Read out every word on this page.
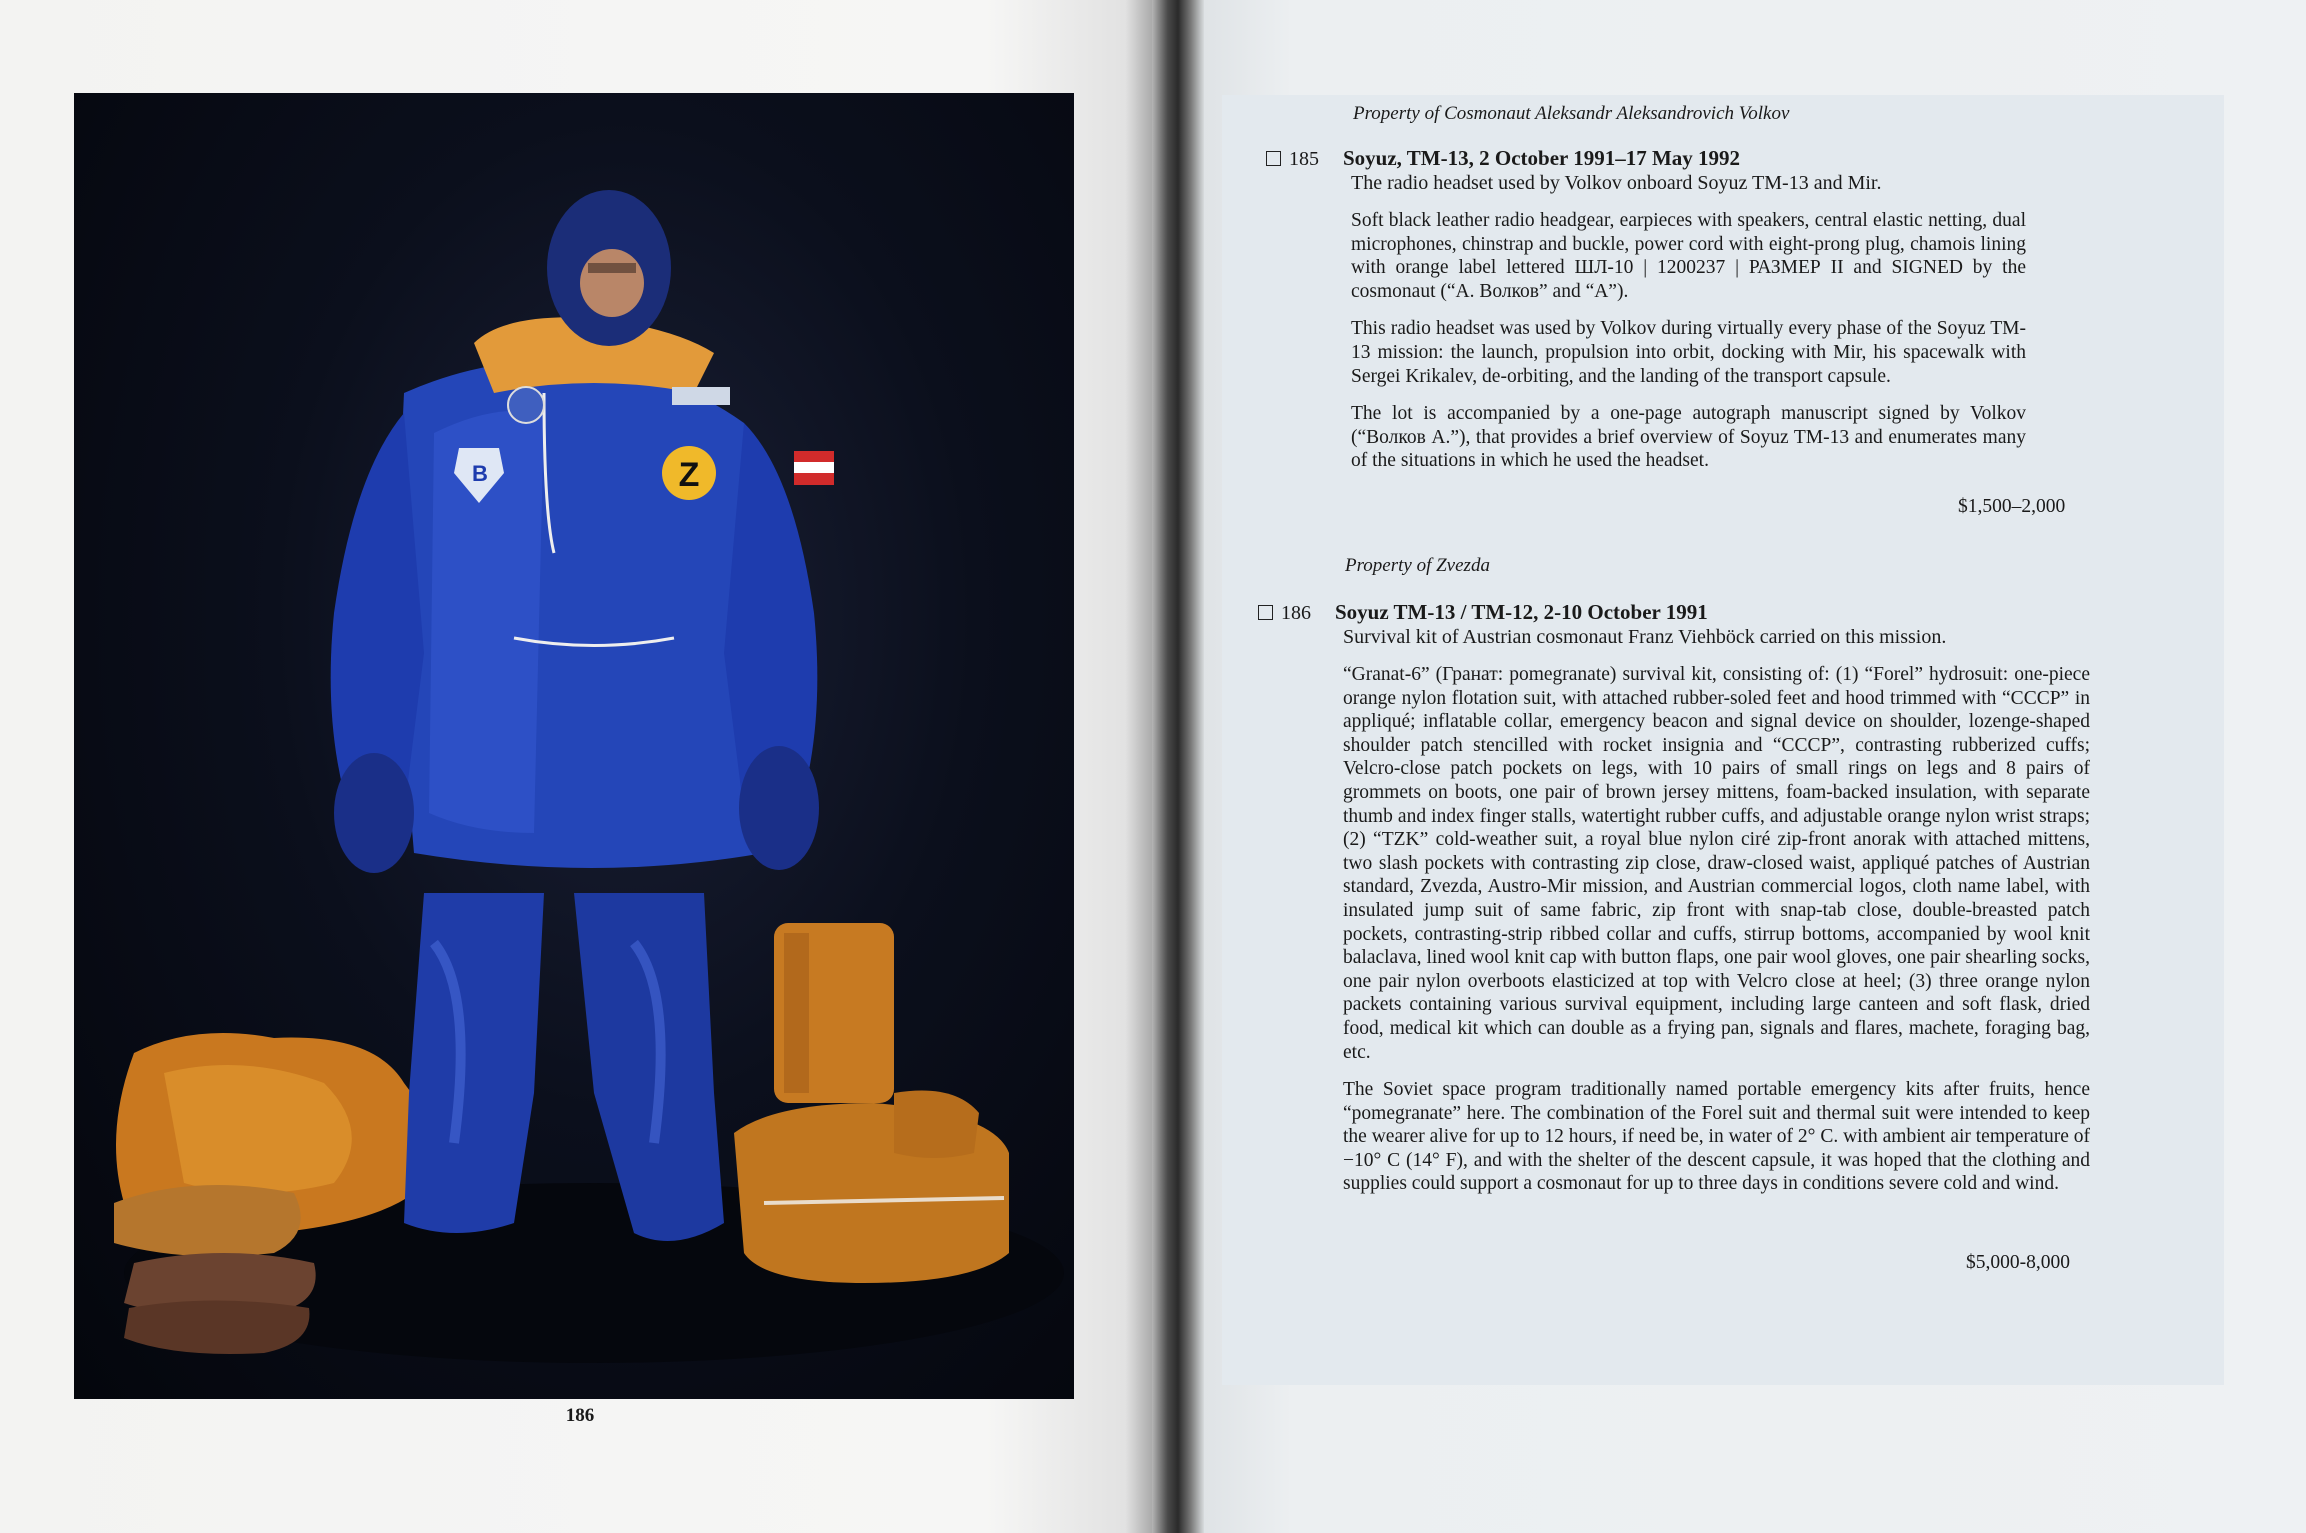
Z
B
186
Property of Cosmonaut Aleksandr Aleksandrovich Volkov
185	Soyuz, TM-13, 2 October 1991–17 May 1992
The radio headset used by Volkov onboard Soyuz TM-13 and Mir.
Soft black leather radio headgear, earpieces with speakers, central elastic netting, dual microphones, chinstrap and buckle, power cord with eight-prong plug, chamois lining with orange label lettered ШЛ-10 | 1200237 | РАЗМЕР II and SIGNED by the cosmonaut (“А. Волков” and “А”).
This radio headset was used by Volkov during virtually every phase of the Soyuz TM-13 mission: the launch, propulsion into orbit, docking with Mir, his spacewalk with Sergei Krikalev, de-orbiting, and the landing of the transport capsule.
The lot is accompanied by a one-page autograph manuscript signed by Volkov (“Волков А.”), that provides a brief overview of Soyuz TM-13 and enumerates many of the situations in which he used the headset.
$1,500–2,000
Property of Zvezda
186	Soyuz TM-13 / TM-12, 2-10 October 1991
Survival kit of Austrian cosmonaut Franz Viehböck carried on this mission.
“Granat-6” (Гранат: pomegranate) survival kit, consisting of: (1) “Forel” hydrosuit: one-piece orange nylon flotation suit, with attached rubber-soled feet and hood trimmed with “CCCP” in appliqué; inflatable collar, emergency beacon and signal device on shoulder, lozenge-shaped shoulder patch stencilled with rocket insignia and “CCCP”, contrasting rubberized cuffs; Velcro-close patch pockets on legs, with 10 pairs of small rings on legs and 8 pairs of grommets on boots, one pair of brown jersey mittens, foam-backed insulation, with separate thumb and index finger stalls, watertight rubber cuffs, and adjustable orange nylon wrist straps; (2) “TZK” cold-weather suit, a royal blue nylon ciré zip-front anorak with attached mittens, two slash pockets with contrasting zip close, draw-closed waist, appliqué patches of Austrian standard, Zvezda, Austro-Mir mission, and Austrian commercial logos, cloth name label, with insulated jump suit of same fabric, zip front with snap-tab close, double-breasted patch pockets, contrasting-strip ribbed collar and cuffs, stirrup bottoms, accompanied by wool knit balaclava, lined wool knit cap with button flaps, one pair wool gloves, one pair shearling socks, one pair nylon overboots elasticized at top with Velcro close at heel; (3) three orange nylon packets containing various survival equipment, including large canteen and soft flask, dried food, medical kit which can double as a frying pan, signals and flares, machete, foraging bag, etc.
The Soviet space program traditionally named portable emergency kits after fruits, hence “pomegranate” here. The combination of the Forel suit and thermal suit were intended to keep the wearer alive for up to 12 hours, if need be, in water of 2° C. with ambient air temperature of −10° C (14° F), and with the shelter of the descent capsule, it was hoped that the clothing and supplies could support a cosmonaut for up to three days in conditions severe cold and wind.
$5,000-8,000
